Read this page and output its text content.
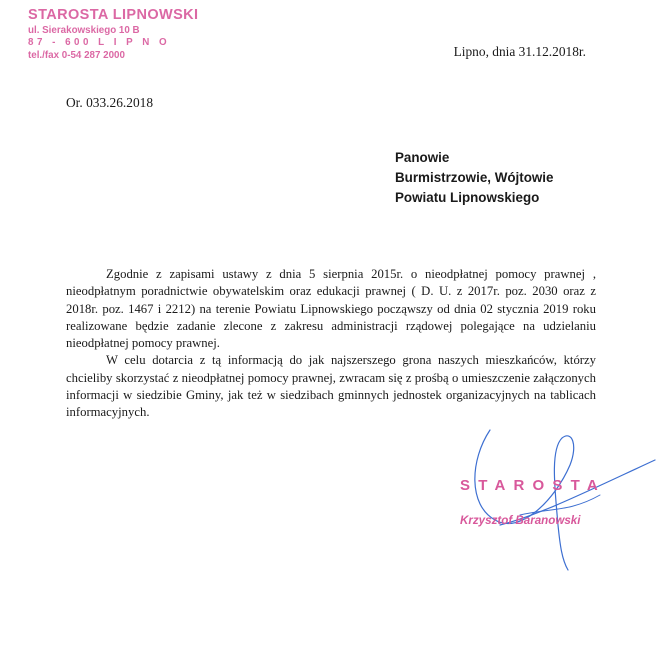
STAROSTA LIPNOWSKI
ul. Sierakowskiego 10 B
87 - 600 L I P N O
tel./fax 0-54 287 2000	Lipno, dnia 31.12.2018r.
Or. 033.26.2018
Panowie
Burmistrzowie, Wójtowie
Powiatu Lipnowskiego

Zgodnie z zapisami ustawy z dnia 5 sierpnia 2015r. o nieodpłatnej pomocy prawnej , nieodpłatnym poradnictwie obywatelskim oraz edukacji prawnej ( D. U. z 2017r. poz. 2030 oraz z 2018r. poz. 1467 i 2212) na terenie Powiatu Lipnowskiego począwszy od dnia 02 stycznia 2019 roku realizowane będzie zadanie zlecone z zakresu administracji rządowej polegające na udzielaniu nieodpłatnej pomocy prawnej.

W celu dotarcia z tą informacją do jak najszerszego grona naszych mieszkańców, którzy chcieliby skorzystać z nieodpłatnej pomocy prawnej, zwracam się z prośbą o umieszczenie załączonych informacji w siedzibie Gminy, jak też w siedzibach gminnych jednostek organizacyjnych na tablicach informacyjnych.

STAROSTA
Krzysztof Baranowski
